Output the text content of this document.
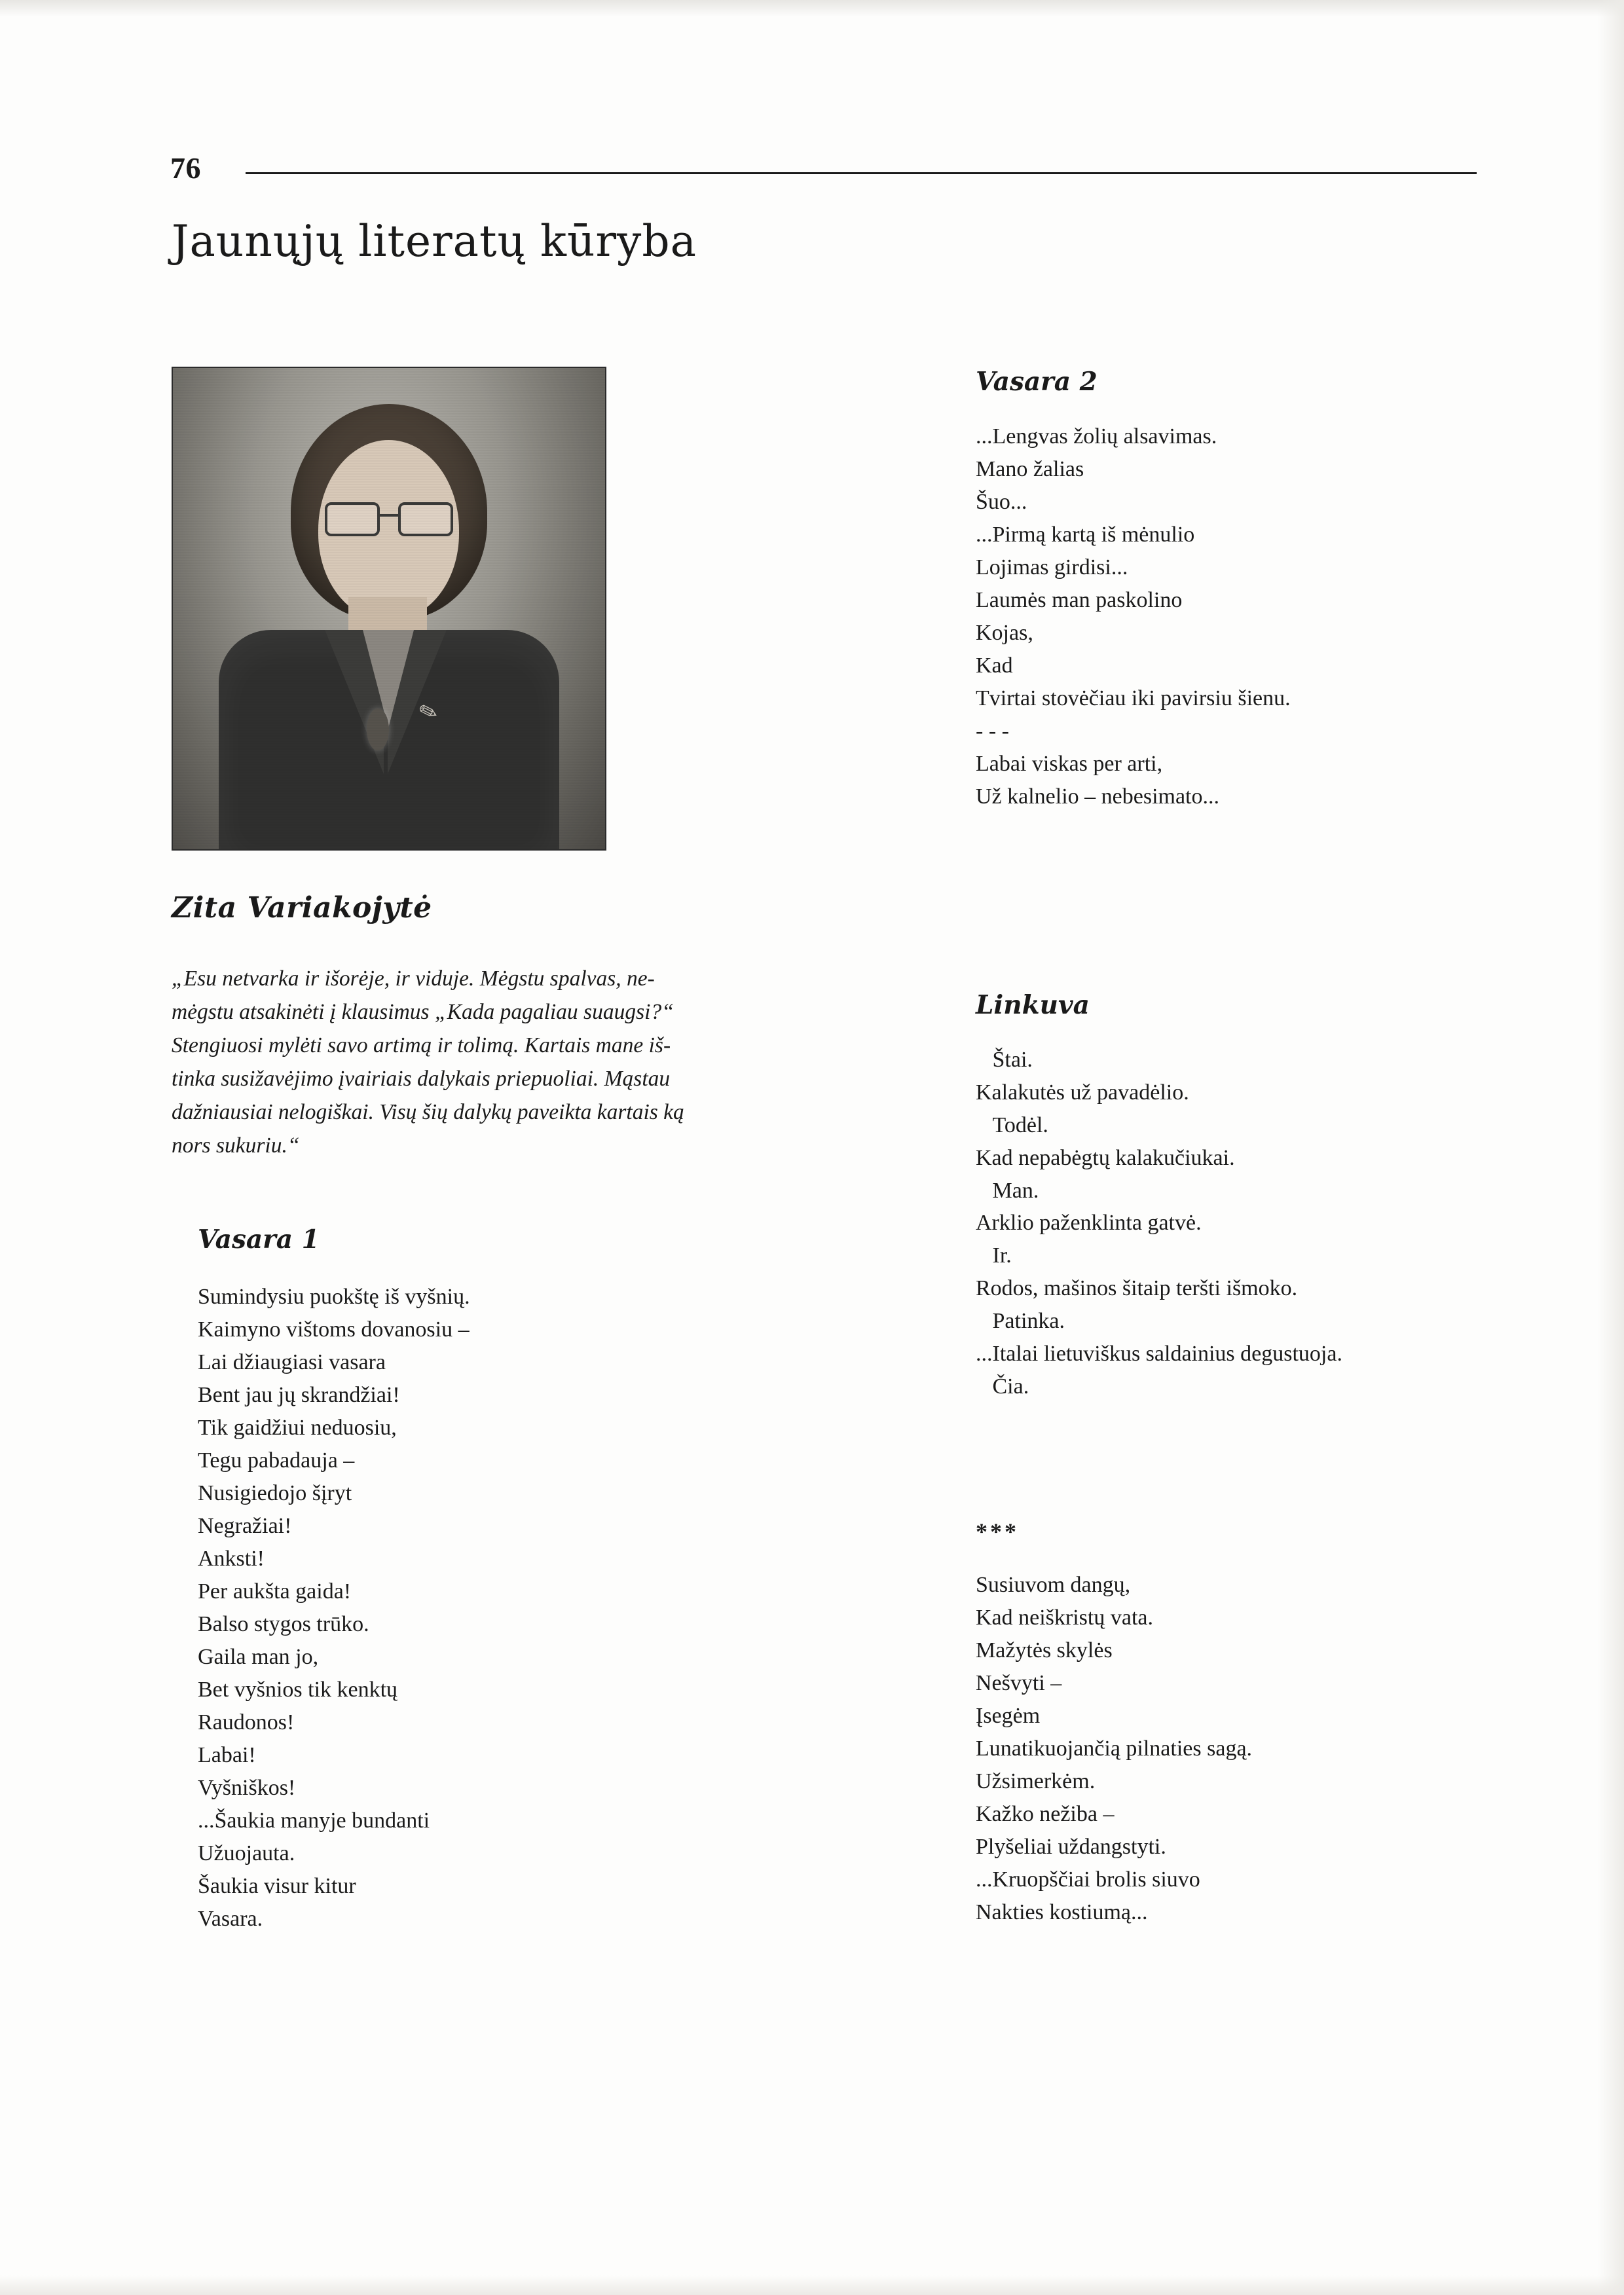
76
Jaunųjų literatų kūryba
Zita Variakojytė
„Esu netvarka ir išorėje, ir viduje. Mėgstu spalvas, ne-
mėgstu atsakinėti į klausimus „Kada pagaliau suaugsi?“
Stengiuosi mylėti savo artimą ir tolimą. Kartais mane iš-
tinka susižavėjimo įvairiais dalykais priepuoliai. Mąstau
dažniausiai nelogiškai. Visų šių dalykų paveikta kartais ką
nors sukuriu.“
Vasara 1
Sumindysiu puokštę iš vyšnių.
Kaimyno vištoms dovanosiu –
Lai džiaugiasi vasara
Bent jau jų skrandžiai!
Tik gaidžiui neduosiu,
Tegu pabadauja –
Nusigiedojo šįryt
Negražiai!
Anksti!
Per aukšta gaida!
Balso stygos trūko.
Gaila man jo,
Bet vyšnios tik kenktų
Raudonos!
Labai!
Vyšniškos!
...Šaukia manyje bundanti
Užuojauta.
Šaukia visur kitur
Vasara.
Vasara 2
...Lengvas žolių alsavimas.
Mano žalias
Šuo...
...Pirmą kartą iš mėnulio
Lojimas girdisi...
Laumės man paskolino
Kojas,
Kad
Tvirtai stovėčiau iki pavirsiu šienu.
- - -
Labai viskas per arti,
Už kalnelio – nebesimato...
Linkuva
Štai.
Kalakutės už pavadėlio.
Todėl.
Kad nepabėgtų kalakučiukai.
Man.
Arklio paženklinta gatvė.
Ir.
Rodos, mašinos šitaip teršti išmoko.
Patinka.
...Italai lietuviškus saldainius degustuoja.
Čia.
***
Susiuvom dangų,
Kad neiškristų vata.
Mažytės skylės
Nešvyti –
Įsegėm
Lunatikuojančią pilnaties sagą.
Užsimerkėm.
Kažko nežiba –
Plyšeliai uždangstyti.
...Kruopščiai brolis siuvo
Nakties kostiumą...
